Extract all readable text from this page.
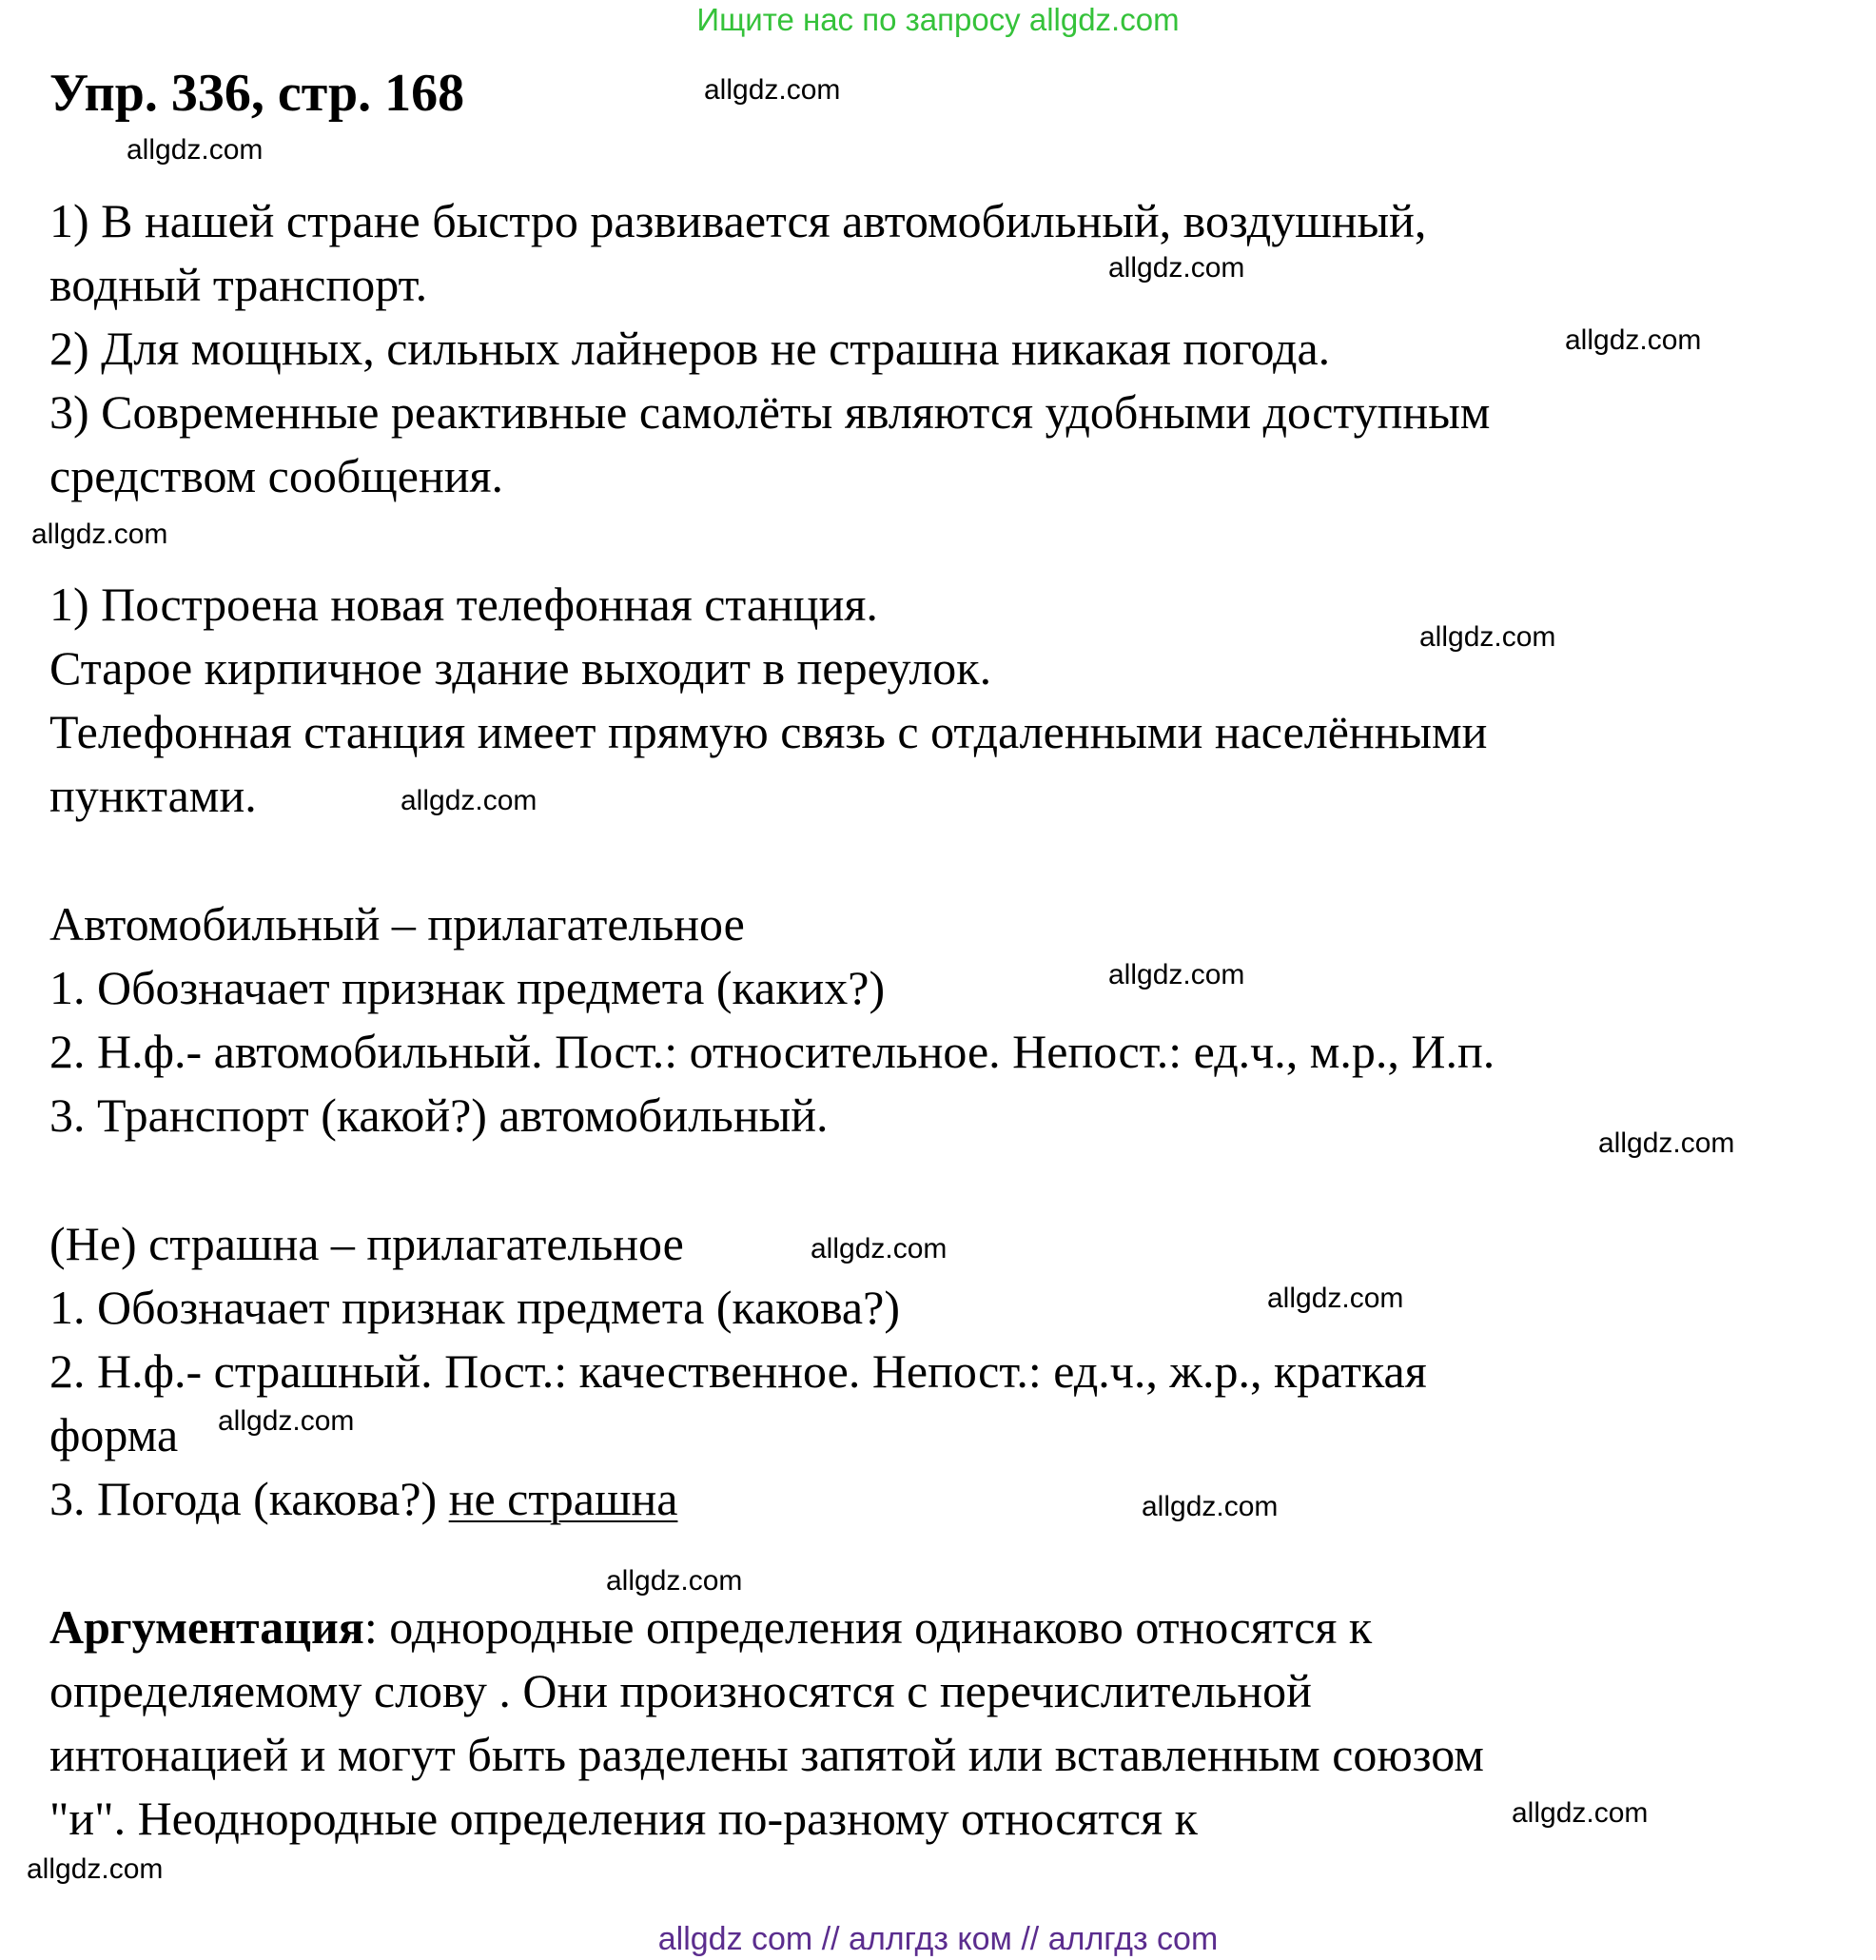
Ищите нас по запросу allgdz.com
Упр. 336, стр. 168
1) В нашей стране быстро развивается автомобильный, воздушный,
водный транспорт.
2) Для мощных, сильных лайнеров не страшна никакая погода.
3) Современные реактивные самолёты являются удобными доступным
средством сообщения.
1) Построена новая телефонная станция.
Старое кирпичное здание выходит в переулок.
Телефонная станция имеет прямую связь с отдаленными населёнными
пунктами.
Автомобильный – прилагательное
1. Обозначает признак предмета (каких?)
2. Н.ф.- автомобильный. Пост.: относительное. Непост.: ед.ч., м.р., И.п.
3. Транспорт (какой?) автомобильный.
(Не) страшна – прилагательное
1. Обозначает признак предмета (какова?)
2. Н.ф.- страшный. Пост.: качественное. Непост.: ед.ч., ж.р., краткая
форма
3. Погода (какова?) не страшна
Аргументация: однородные определения одинаково относятся к
определяемому слову . Они произносятся с перечислительной
интонацией и могут быть разделены запятой или вставленным союзом
"и". Неоднородные определения по-разному относятся к
allgdz.com
allgdz.com
allgdz.com
allgdz.com
allgdz.com
allgdz.com
allgdz.com
allgdz.com
allgdz.com
allgdz.com
allgdz.com
allgdz.com
allgdz.com
allgdz.com
allgdz.com
allgdz.com
allgdz com // аллгдз ком // аллгдз com
